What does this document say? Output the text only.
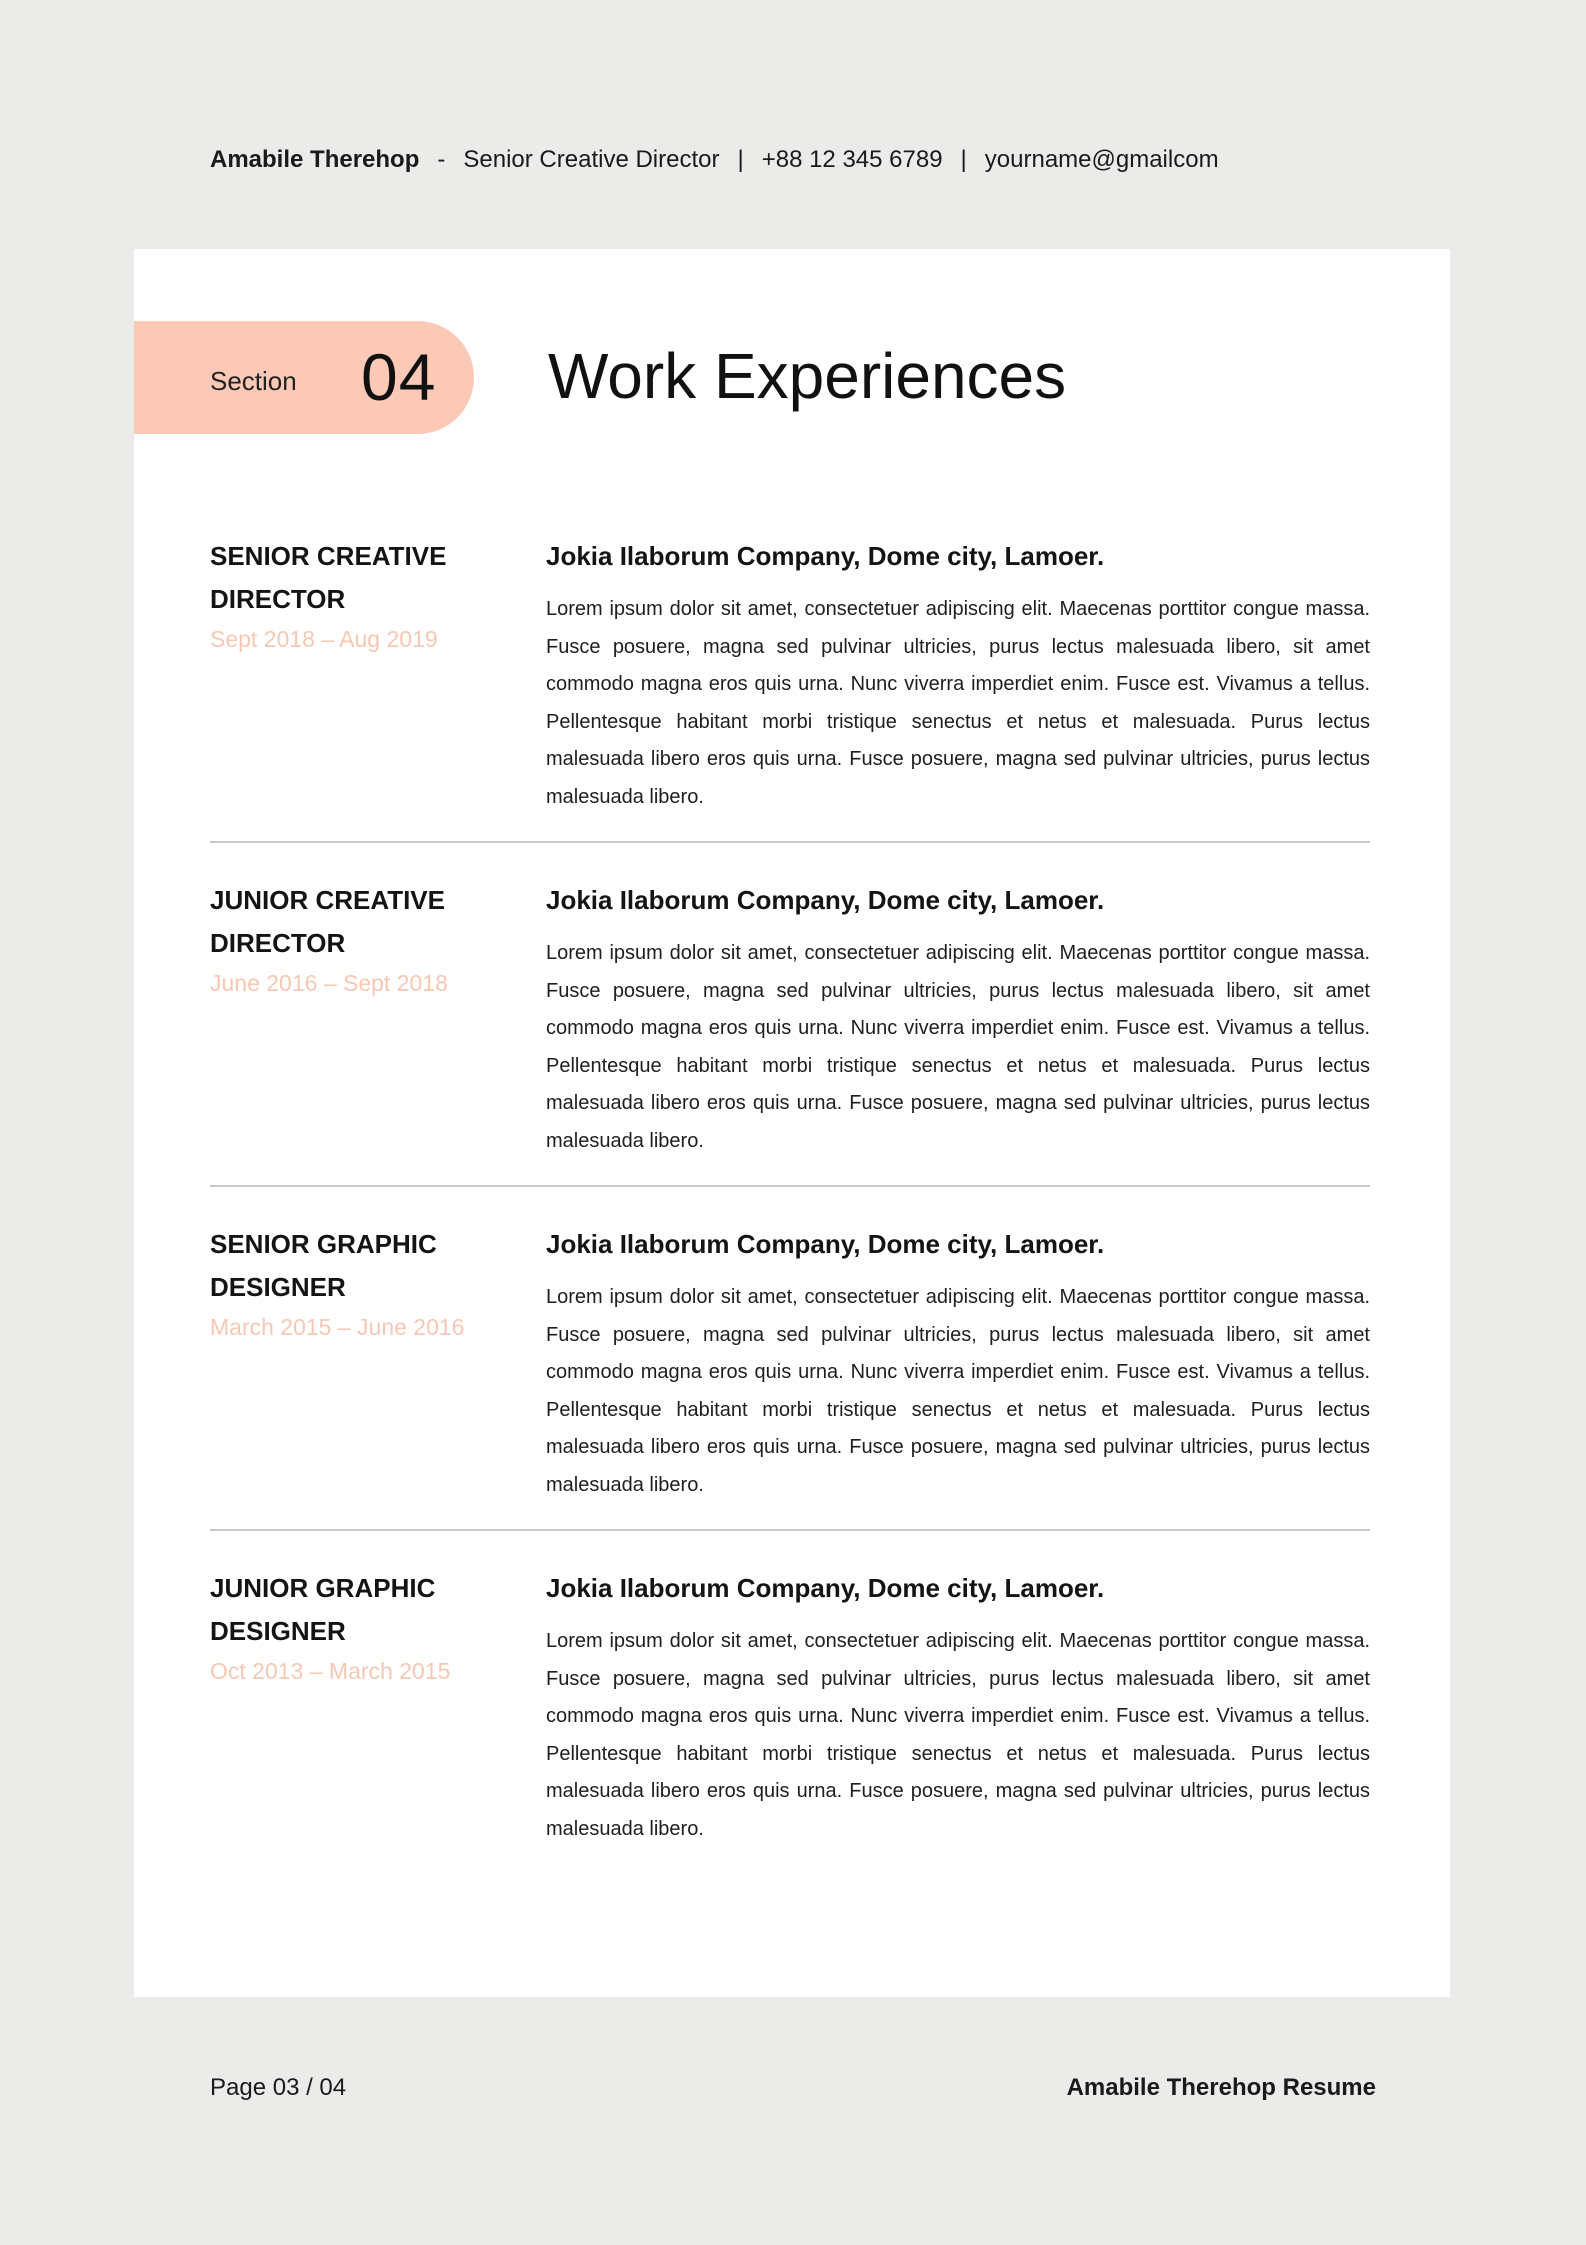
Amabile Therehop - Senior Creative Director | +88 12 345 6789 | yourname@gmailcom
Section 04 Work Experiences
SENIOR CREATIVE DIRECTOR
Sept 2018 – Aug 2019
Jokia Ilaborum Company, Dome city, Lamoer.

Lorem ipsum dolor sit amet, consectetuer adipiscing elit. Maecenas porttitor congue massa. Fusce posuere, magna sed pulvinar ultricies, purus lectus malesuada libero, sit amet commodo magna eros quis urna. Nunc viverra imperdiet enim. Fusce est. Vivamus a tellus. Pellentesque habitant morbi tristique senectus et netus et malesuada. Purus lectus malesuada libero eros quis urna. Fusce posuere, magna sed pulvinar ultricies, purus lectus malesuada libero.

JUNIOR CREATIVE DIRECTOR
June 2016 – Sept 2018
Jokia Ilaborum Company, Dome city, Lamoer.

Lorem ipsum dolor sit amet, consectetuer adipiscing elit. Maecenas porttitor congue massa. Fusce posuere, magna sed pulvinar ultricies, purus lectus malesuada libero, sit amet commodo magna eros quis urna. Nunc viverra imperdiet enim. Fusce est. Vivamus a tellus. Pellentesque habitant morbi tristique senectus et netus et malesuada. Purus lectus malesuada libero eros quis urna. Fusce posuere, magna sed pulvinar ultricies, purus lectus malesuada libero.

SENIOR GRAPHIC DESIGNER
March 2015 – June 2016
Jokia Ilaborum Company, Dome city, Lamoer.

Lorem ipsum dolor sit amet, consectetuer adipiscing elit. Maecenas porttitor congue massa. Fusce posuere, magna sed pulvinar ultricies, purus lectus malesuada libero, sit amet commodo magna eros quis urna. Nunc viverra imperdiet enim. Fusce est. Vivamus a tellus. Pellentesque habitant morbi tristique senectus et netus et malesuada. Purus lectus malesuada libero eros quis urna. Fusce posuere, magna sed pulvinar ultricies, purus lectus malesuada libero.

JUNIOR GRAPHIC DESIGNER
Oct 2013 – March 2015
Jokia Ilaborum Company, Dome city, Lamoer.

Lorem ipsum dolor sit amet, consectetuer adipiscing elit. Maecenas porttitor congue massa. Fusce posuere, magna sed pulvinar ultricies, purus lectus malesuada libero, sit amet commodo magna eros quis urna. Nunc viverra imperdiet enim. Fusce est. Vivamus a tellus. Pellentesque habitant morbi tristique senectus et netus et malesuada. Purus lectus malesuada libero eros quis urna. Fusce posuere, magna sed pulvinar ultricies, purus lectus malesuada libero.

Page 03 / 04	Amabile Therehop Resume
